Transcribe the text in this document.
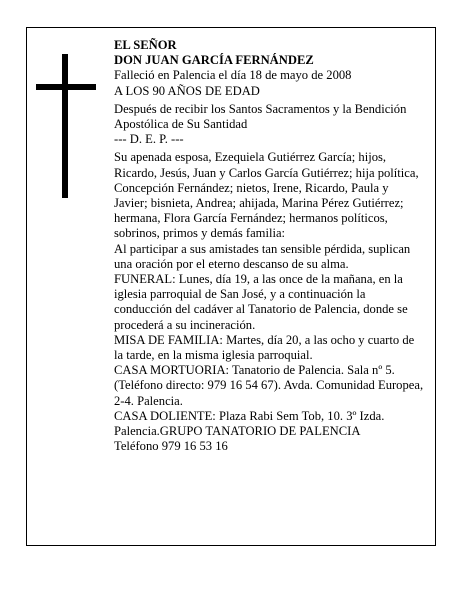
EL SEÑOR

DON JUAN GARCÍA FERNÁNDEZ

Falleció en Palencia el día 18 de mayo de 2008

A LOS 90 AÑOS DE EDAD

Después de recibir los Santos Sacramentos y la Bendición Apostólica de Su Santidad

--- D. E. P. ---

Su apenada esposa, Ezequiela Gutiérrez García; hijos, Ricardo, Jesús, Juan y Carlos García Gutiérrez; hija política, Concepción Fernández; nietos, Irene, Ricardo, Paula y Javier; bisnieta, Andrea; ahijada, Marina Pérez Gutiérrez; hermana, Flora García Fernández; hermanos políticos, sobrinos, primos y demás familia:

Al participar a sus amistades tan sensible pérdida, suplican una oración por el eterno descanso de su alma.

FUNERAL: Lunes, día 19, a las once de la mañana, en la iglesia parroquial de San José, y a continuación la conducción del cadáver al Tanatorio de Palencia, donde se procederá a su incineración.

MISA DE FAMILIA: Martes, día 20, a las ocho y cuarto de la tarde, en la misma iglesia parroquial.

CASA MORTUORIA: Tanatorio de Palencia. Sala nº 5. (Teléfono directo: 979 16 54 67). Avda. Comunidad Europea, 2-4. Palencia.

CASA DOLIENTE: Plaza Rabi Sem Tob, 10. 3º Izda. Palencia.GRUPO TANATORIO DE PALENCIA

Teléfono 979 16 53 16
